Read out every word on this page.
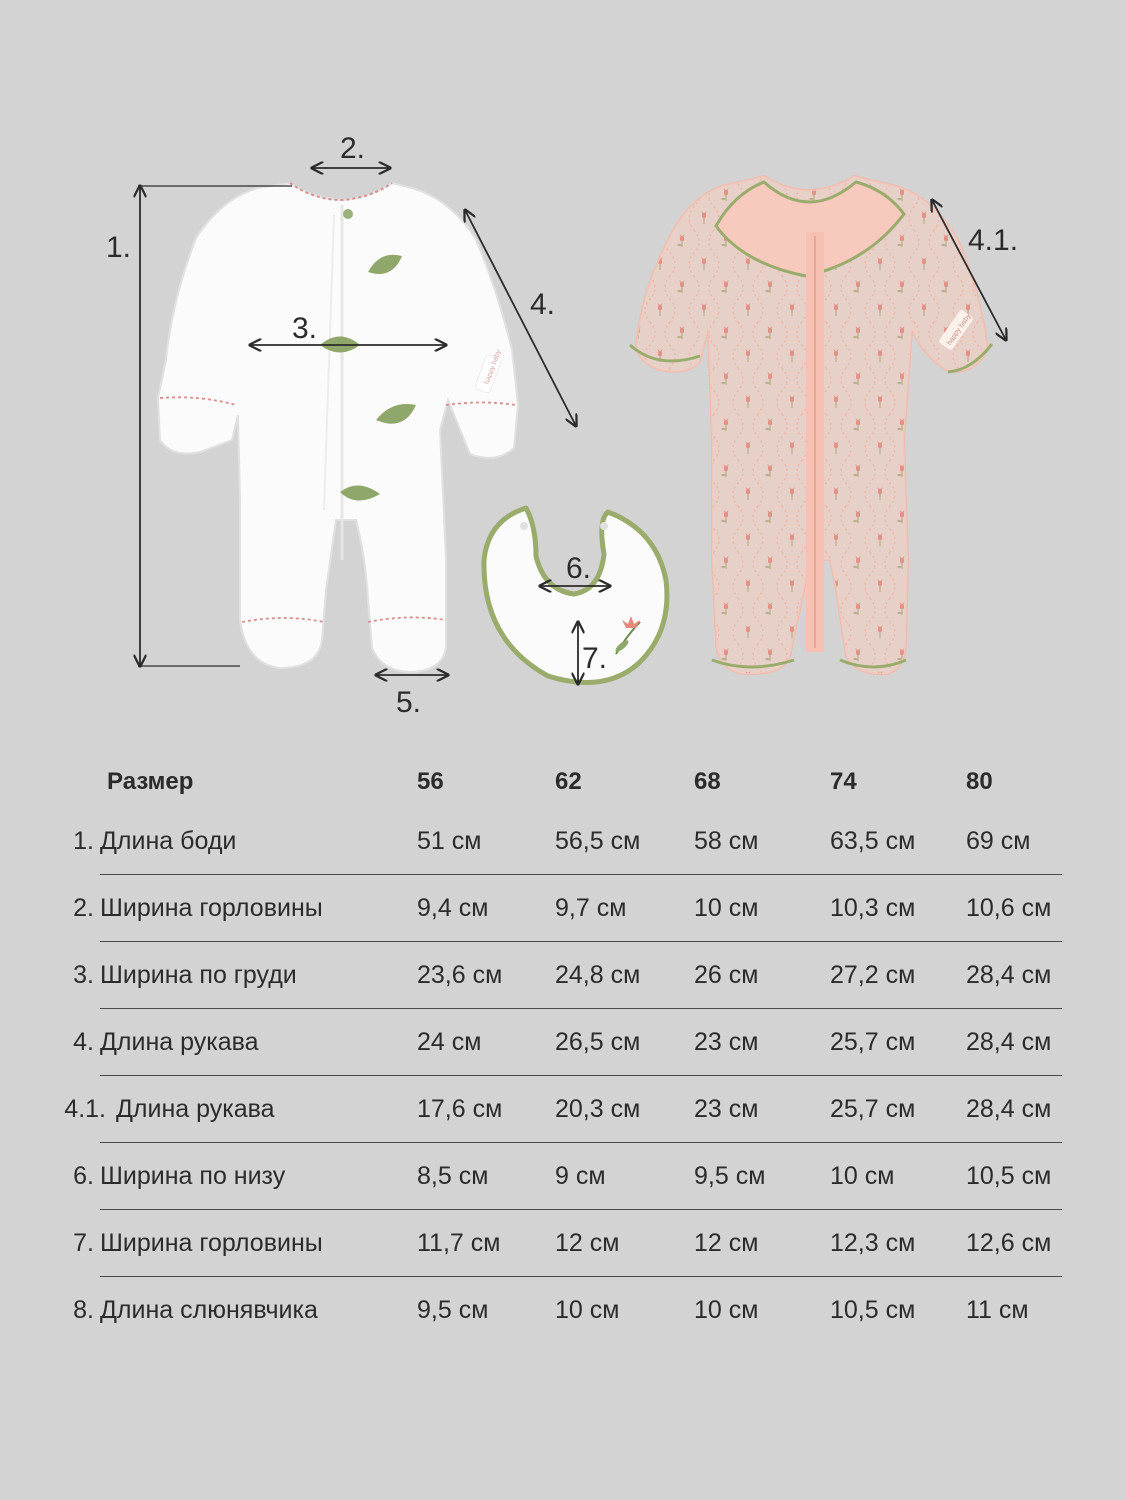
happy baby
happy baby
1.
2.
3.
4.
4.1.
5.
6.
7.
Размер	56	62	68	74	80
1. Длина боди	51 см	56,5 см 58 см	63,5 см 69 см
2. Ширина горловины	9,4 см	9,7 см	10 см	10,3 см 10,6 см
3. Ширина по груди	23,6 см 24,8 см 26 см	27,2 см 28,4 см
4. Длина рукава	24 см	26,5 см 23 см	25,7 см 28,4 см
4.1. Длина рукава	17,6 см 20,3 см 23 см	25,7 см 28,4 см
6. Ширина по низу	8,5 см	9 см	9,5 см	10 см	10,5 см
7. Ширина горловины	11,7 см 12 см	12 см	12,3 см 12,6 см
8. Длина слюнявчика	9,5 см	10 см	10 см	10,5 см 11 см
